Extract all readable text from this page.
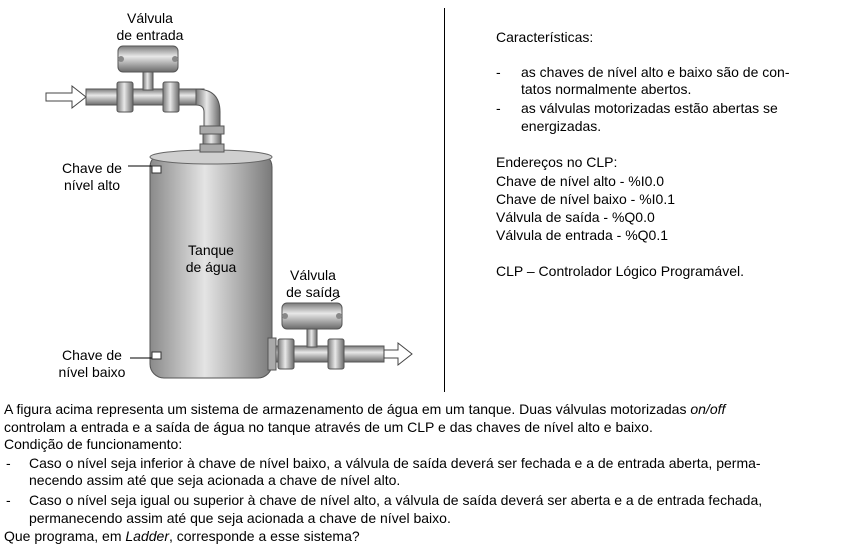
Válvula
de entrada
Válvula
de saída
Tanque
de água
Chave de
nível alto
Chave de
nível baixo
Características:
- as chaves de nível alto e baixo são de con-
tatos normalmente abertos.
- as válvulas motorizadas estão abertas se
energizadas.
Endereços no CLP:
Chave de nível alto - %I0.0
Chave de nível baixo - %I0.1
Válvula de saída - %Q0.0
Válvula de entrada - %Q0.1
CLP – Controlador Lógico Programável.
A figura acima representa um sistema de armazenamento de água em um tanque. Duas válvulas motorizadas on/off
controlam a entrada e a saída de água no tanque através de um CLP e das chaves de nível alto e baixo.
Condição de funcionamento:
- Caso o nível seja inferior à chave de nível baixo, a válvula de saída deverá ser fechada e a de entrada aberta, perma-
necendo assim até que seja acionada a chave de nível alto.
- Caso o nível seja igual ou superior à chave de nível alto, a válvula de saída deverá ser aberta e a de entrada fechada,
permanecendo assim até que seja acionada a chave de nível baixo.
Que programa, em Ladder, corresponde a esse sistema?
